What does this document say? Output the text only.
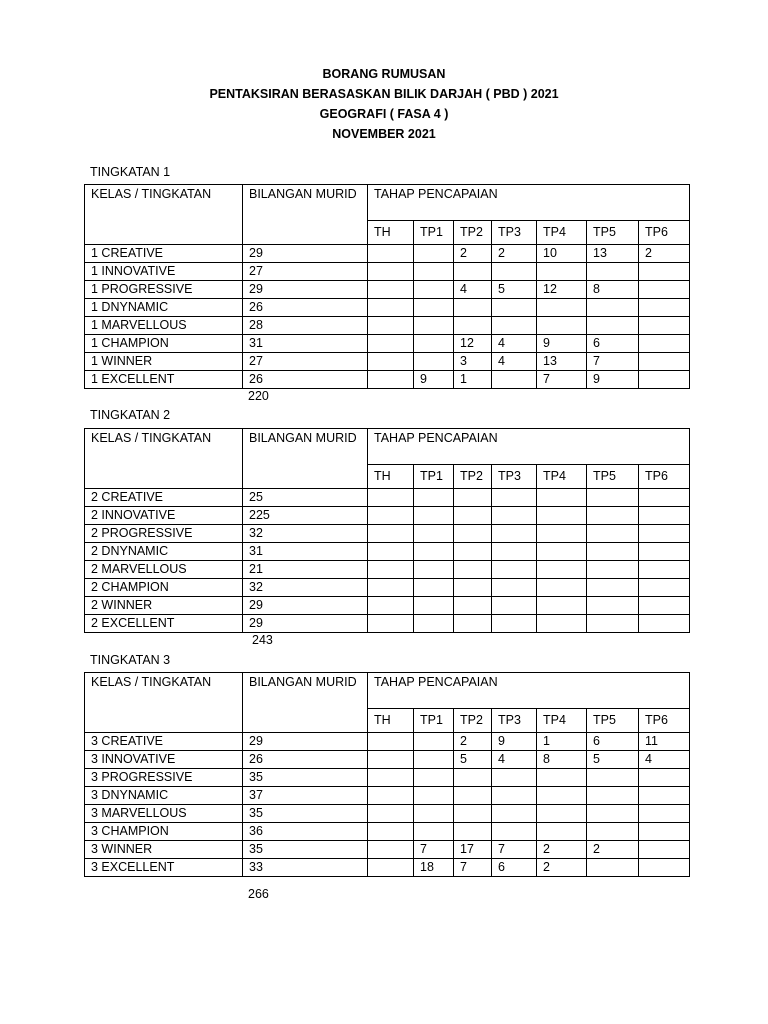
BORANG RUMUSAN
PENTAKSIRAN BERASASKAN BILIK DARJAH ( PBD ) 2021
GEOGRAFI ( FASA 4 )
NOVEMBER 2021
TINGKATAN 1
KELAS / TINGKATAN	BILANGAN MURID	TAHAP PENCAPAIAN						
		TH	TP1	TP2	TP3	TP4	TP5	TP6
1 CREATIVE	29			2	2	10	13	2
1 INNOVATIVE	27							
1 PROGRESSIVE	29			4	5	12	8	
1 DNYNAMIC	26							
1 MARVELLOUS	28							
1 CHAMPION	31			12	4	9	6	
1 WINNER	27			3	4	13	7	
1 EXCELLENT	26		9	1		7	9	
220
TINGKATAN 2
KELAS / TINGKATAN	BILANGAN MURID	TAHAP PENCAPAIAN						
		TH	TP1	TP2	TP3	TP4	TP5	TP6
2 CREATIVE	25							
2 INNOVATIVE	225							
2 PROGRESSIVE	32							
2 DNYNAMIC	31							
2 MARVELLOUS	21							
2 CHAMPION	32							
2 WINNER	29							
2 EXCELLENT	29							
243
TINGKATAN 3
KELAS / TINGKATAN	BILANGAN MURID	TAHAP PENCAPAIAN						
		TH	TP1	TP2	TP3	TP4	TP5	TP6
3 CREATIVE	29			2	9	1	6	11
3 INNOVATIVE	26			5	4	8	5	4
3 PROGRESSIVE	35							
3 DNYNAMIC	37							
3 MARVELLOUS	35							
3 CHAMPION	36							
3 WINNER	35		7	17	7	2	2	
3 EXCELLENT	33		18	7	6	2		
266
